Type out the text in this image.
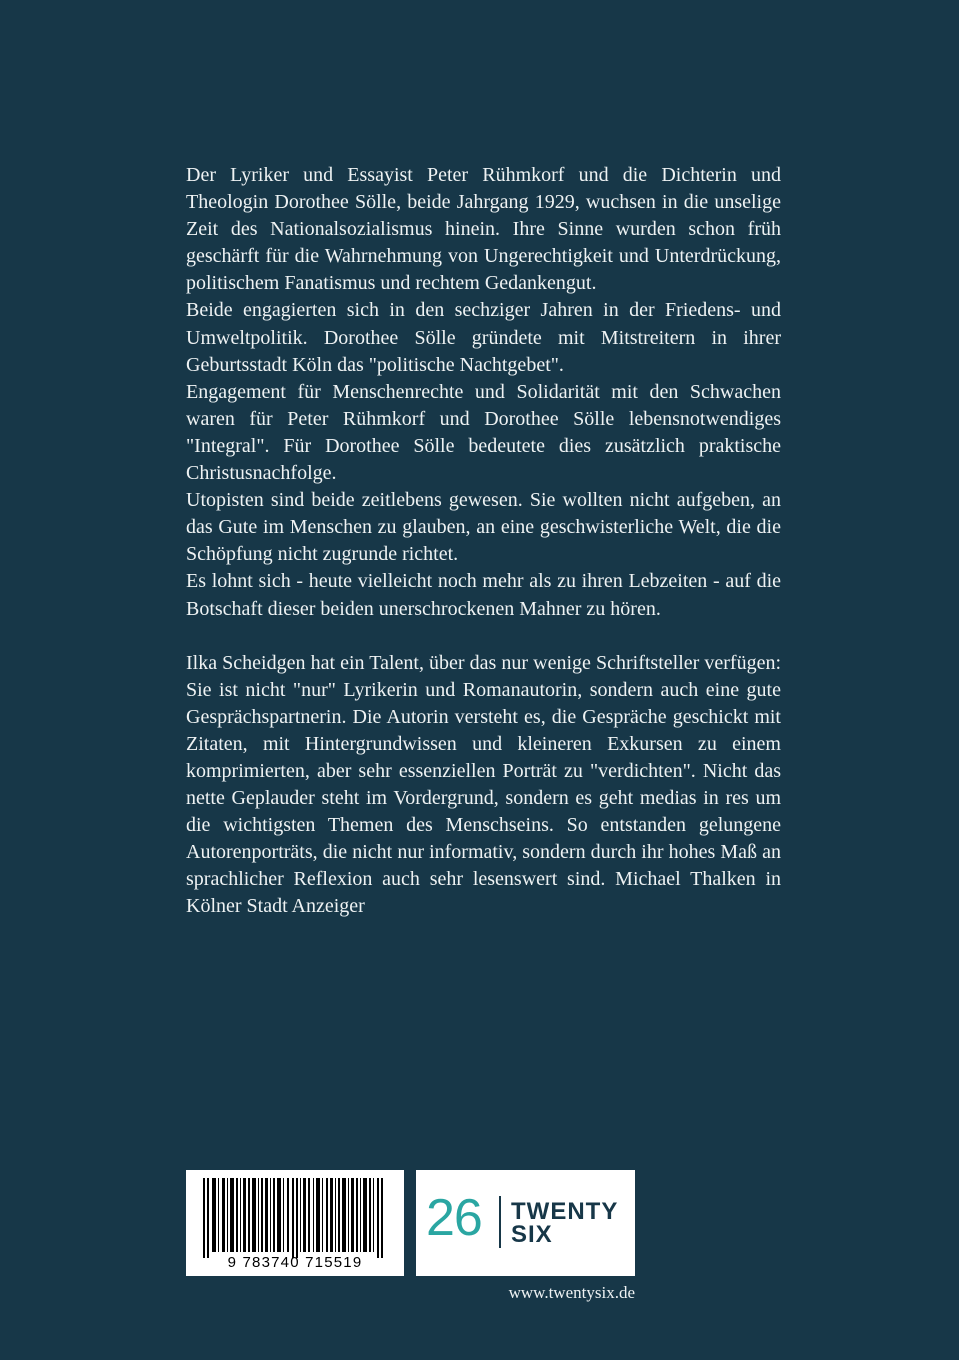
Der Lyriker und Essayist Peter Rühmkorf und die Dichterin und Theologin Dorothee Sölle, beide Jahrgang 1929, wuchsen in die unselige Zeit des Nationalsozialismus hinein. Ihre Sinne wurden schon früh geschärft für die Wahrnehmung von Ungerechtigkeit und Unterdrückung, politischem Fanatismus und rechtem Gedankengut.

Beide engagierten sich in den sechziger Jahren in der Friedens- und Umweltpolitik. Dorothee Sölle gründete mit Mitstreitern in ihrer Geburtsstadt Köln das "politische Nachtgebet".

Engagement für Menschenrechte und Solidarität mit den Schwachen waren für Peter Rühmkorf und Dorothee Sölle lebensnotwendiges "Integral". Für Dorothee Sölle bedeutete dies zusätzlich praktische Christusnachfolge.

Utopisten sind beide zeitlebens gewesen. Sie wollten nicht aufgeben, an das Gute im Menschen zu glauben, an eine geschwisterliche Welt, die die Schöpfung nicht zugrunde richtet.

Es lohnt sich - heute vielleicht noch mehr als zu ihren Lebzeiten - auf die Botschaft dieser beiden unerschrockenen Mahner zu hören.

Ilka Scheidgen hat ein Talent, über das nur wenige Schriftsteller verfügen: Sie ist nicht "nur" Lyrikerin und Romanautorin, sondern auch eine gute Gesprächspartnerin. Die Autorin versteht es, die Gespräche geschickt mit Zitaten, mit Hintergrundwissen und kleineren Exkursen zu einem komprimierten, aber sehr essenziellen Porträt zu "verdichten". Nicht das nette Geplauder steht im Vordergrund, sondern es geht medias in res um die wichtigsten Themen des Menschseins. So entstanden gelungene Autorenporträts, die nicht nur informativ, sondern durch ihr hohes Maß an sprachlicher Reflexion auch sehr lesenswert sind. Michael Thalken in Kölner Stadt Anzeiger

9 783740 715519
26 TWENTY
SIX
www.twentysix.de
